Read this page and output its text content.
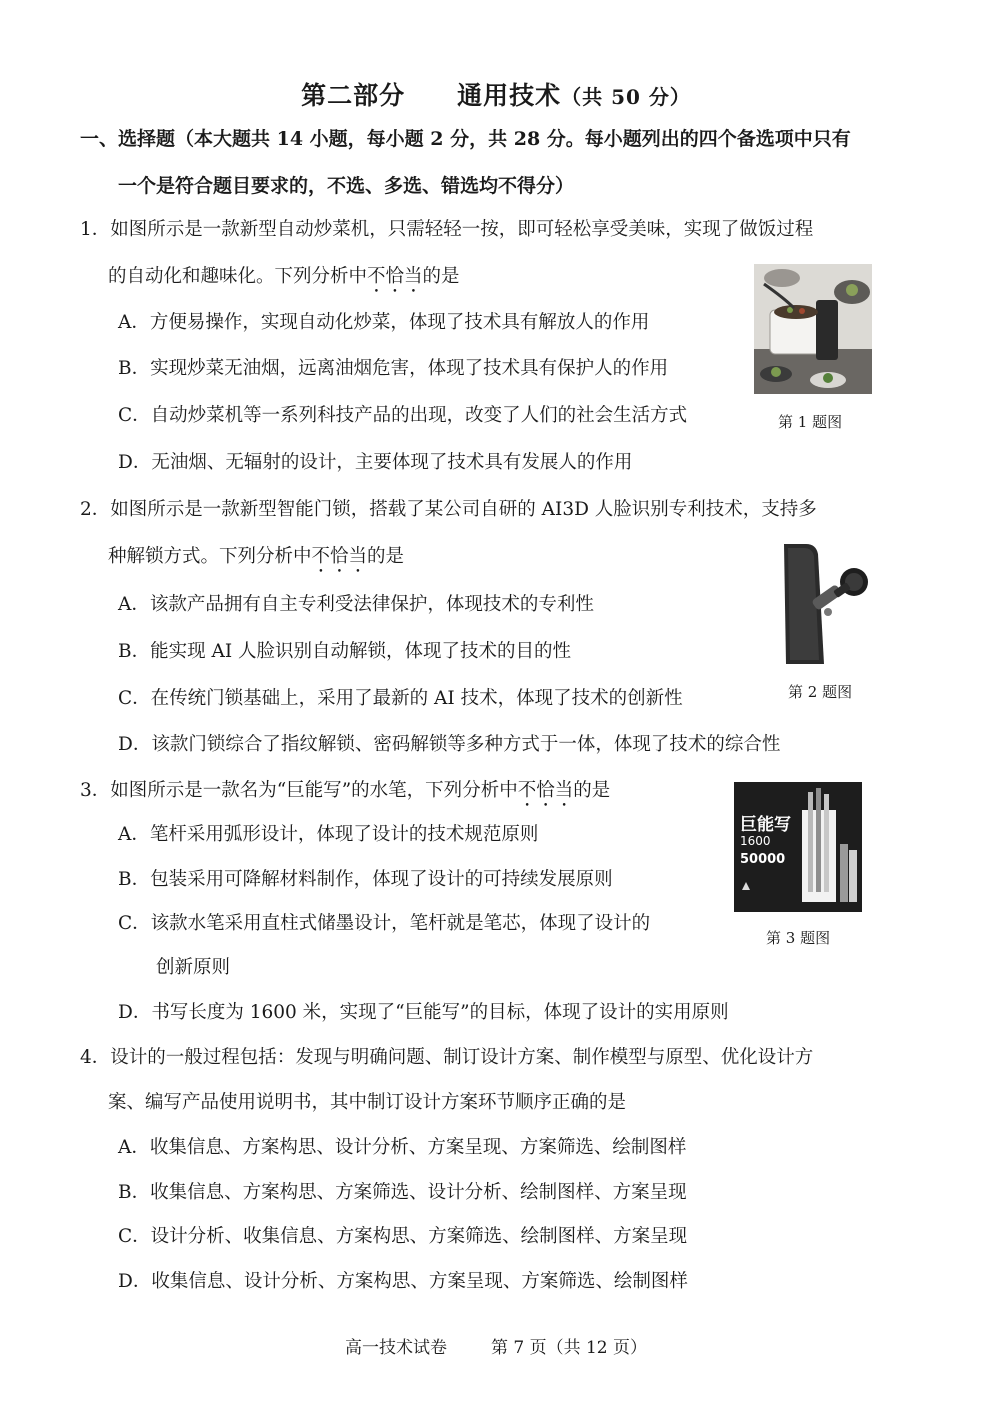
第二部分 通用技术（共 50 分）
一、选择题（本大题共 14 小题，每小题 2 分，共 28 分。每小题列出的四个备选项中只有
一个是符合题目要求的，不选、多选、错选均不得分）
1．如图所示是一款新型自动炒菜机，只需轻轻一按，即可轻松享受美味，实现了做饭过程
的自动化和趣味化。下列分析中不恰当的是
A．方便易操作，实现自动化炒菜，体现了技术具有解放人的作用
B．实现炒菜无油烟，远离油烟危害，体现了技术具有保护人的作用
C．自动炒菜机等一系列科技产品的出现，改变了人们的社会生活方式
D．无油烟、无辐射的设计，主要体现了技术具有发展人的作用
第 1 题图
2．如图所示是一款新型智能门锁，搭载了某公司自研的 AI3D 人脸识别专利技术，支持多
种解锁方式。下列分析中不恰当的是
A．该款产品拥有自主专利受法律保护，体现技术的专利性
B．能实现 AI 人脸识别自动解锁，体现了技术的目的性
C．在传统门锁基础上，采用了最新的 AI 技术，体现了技术的创新性
D．该款门锁综合了指纹解锁、密码解锁等多种方式于一体，体现了技术的综合性
第 2 题图
3．如图所示是一款名为“巨能写”的水笔，下列分析中不恰当的是
A．笔杆采用弧形设计，体现了设计的技术规范原则
B．包装采用可降解材料制作，体现了设计的可持续发展原则
C．该款水笔采用直柱式储墨设计，笔杆就是笔芯，体现了设计的
创新原则
D．书写长度为 1600 米，实现了“巨能写”的目标，体现了设计的实用原则
巨能写
1600
50000
第 3 题图
4．设计的一般过程包括：发现与明确问题、制订设计方案、制作模型与原型、优化设计方
案、编写产品使用说明书，其中制订设计方案环节顺序正确的是
A．收集信息、方案构思、设计分析、方案呈现、方案筛选、绘制图样
B．收集信息、方案构思、方案筛选、设计分析、绘制图样、方案呈现
C．设计分析、收集信息、方案构思、方案筛选、绘制图样、方案呈现
D．收集信息、设计分析、方案构思、方案呈现、方案筛选、绘制图样
高一技术试卷	第 7 页（共 12 页）
